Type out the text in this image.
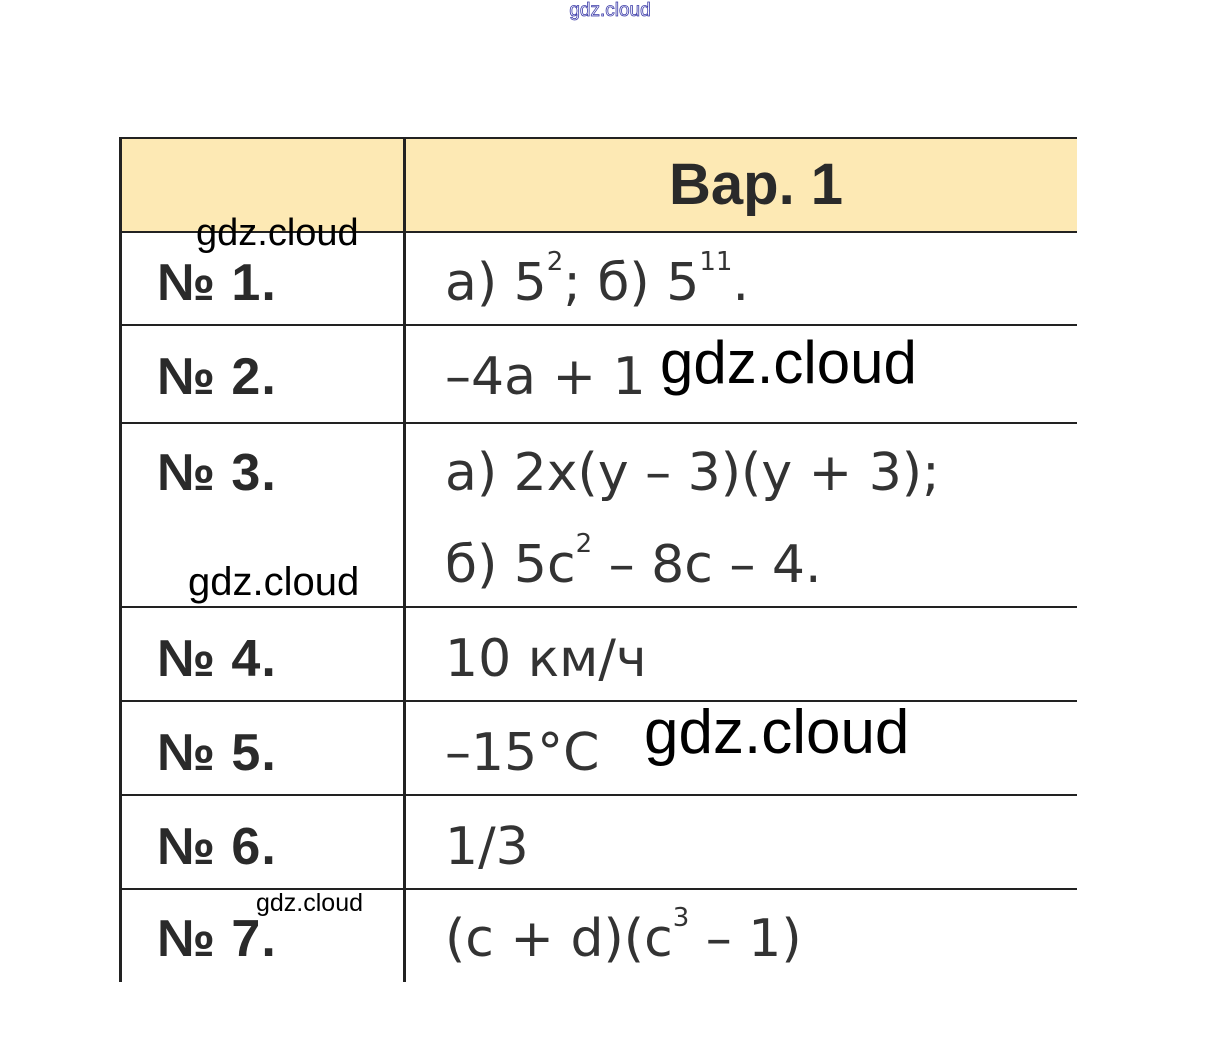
gdz.cloud
Вар. 1
№ 1.	а) $5^2$; б) $5^{11}$.
№ 2.	–4a + 1
№ 3.	а) 2x(y – 3)(y + 3);
б) $5c^2 - 8c - 4$.
№ 4.	10 км/ч
№ 5.	–15°C
№ 6.	1/3
№ 7.	$(c + d)(c^3 - 1)$
gdz.cloud
gdz.cloud
gdz.cloud
gdz.cloud
gdz.cloud
